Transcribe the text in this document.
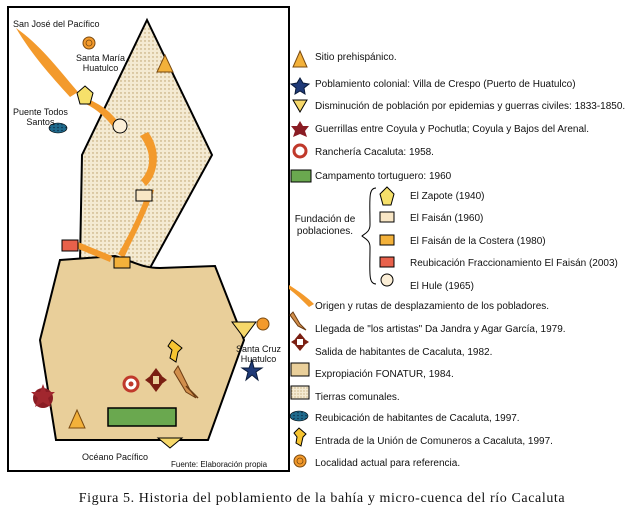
San José del Pacífico
Santa María
Huatulco
Puente Todos
Santos
Santa Cruz
Huatulco
Océano Pacífico
Fuente: Elaboración propia
Sitio prehispánico.
Poblamiento colonial: Villa de Crespo (Puerto de Huatulco)
Disminución de población por epidemias y guerras civiles: 1833-1850.
Guerrillas entre Coyula y Pochutla; Coyula y Bajos del Arenal.
Ranchería Cacaluta: 1958.
Campamento tortuguero: 1960
Fundación de poblaciones.
El Zapote (1940)
El Faisán (1960)
El Faisán de la Costera (1980)
Reubicación Fraccionamiento El Faisán (2003)
El Hule (1965)
Origen y rutas de desplazamiento de los pobladores.
Llegada de "los artistas" Da Jandra y Agar García, 1979.
Salida de habitantes de Cacaluta, 1982.
Expropiación FONATUR, 1984.
Tierras comunales.
Reubicación de habitantes de Cacaluta, 1997.
Entrada de la Unión de Comuneros a Cacaluta, 1997.
Localidad actual para referencia.
Figura 5. Historia del poblamiento de la bahía y micro-cuenca del río Cacaluta
